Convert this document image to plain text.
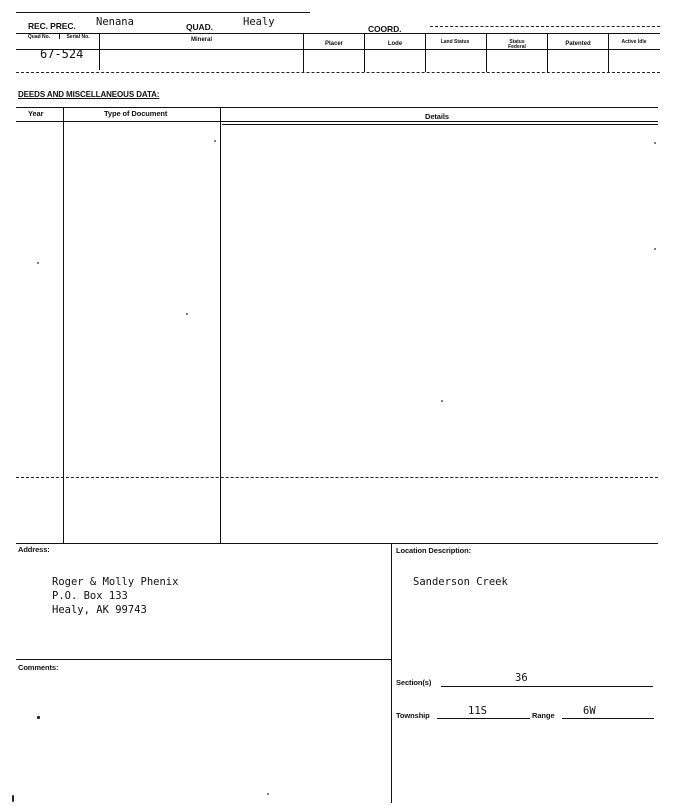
REC. PREC. Nenana	QUAD.	Healy
COORD.
Quad No.	Serial No.	Mineral
Placer	Lode	Land Status	Status Federal	Patented	Active Idle
67-524
DEEDS AND MISCELLANEOUS DATA:
Year	Type of Document	Details
Address:
Roger & Molly Phenix
P.O. Box 133
Healy, AK 99743
Location Description:
Sanderson Creek
Comments:
Section(s)	36
Township	11S	Range	6W
